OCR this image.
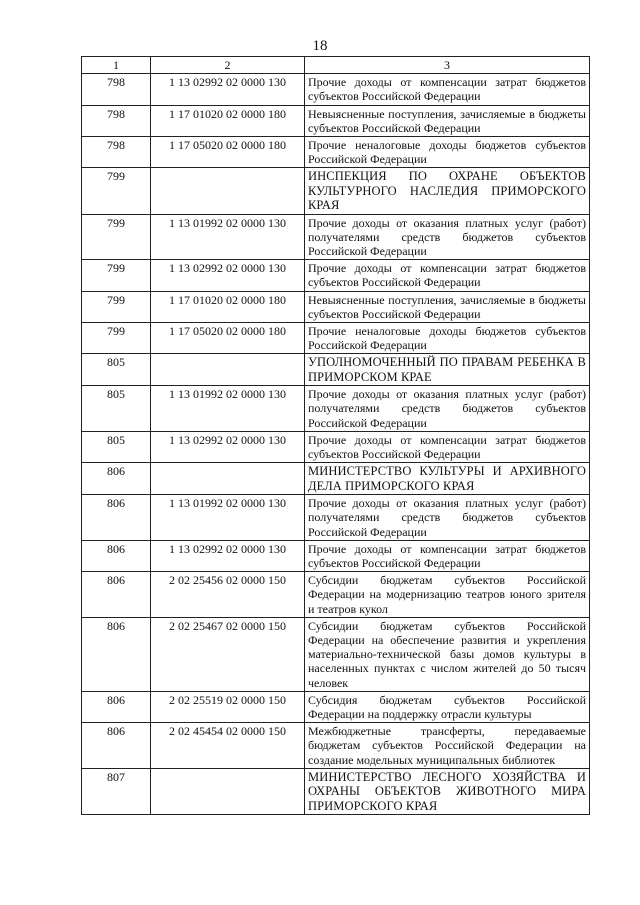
18
1	2	3
798	1 13 02992 02 0000 130	Прочие доходы от компенсации затрат бюджетов субъектов Российской Федерации
798	1 17 01020 02 0000 180	Невыясненные поступления, зачисляемые в бюджеты субъектов Российской Федерации
798	1 17 05020 02 0000 180	Прочие неналоговые доходы бюджетов субъектов Российской Федерации
799		ИНСПЕКЦИЯ ПО ОХРАНЕ ОБЪЕКТОВ КУЛЬТУРНОГО НАСЛЕДИЯ ПРИМОРСКОГО КРАЯ
799	1 13 01992 02 0000 130	Прочие доходы от оказания платных услуг (работ) получателями средств бюджетов субъектов Российской Федерации
799	1 13 02992 02 0000 130	Прочие доходы от компенсации затрат бюджетов субъектов Российской Федерации
799	1 17 01020 02 0000 180	Невыясненные поступления, зачисляемые в бюджеты субъектов Российской Федерации
799	1 17 05020 02 0000 180	Прочие неналоговые доходы бюджетов субъектов Российской Федерации
805		УПОЛНОМОЧЕННЫЙ ПО ПРАВАМ РЕБЕНКА В ПРИМОРСКОМ КРАЕ
805	1 13 01992 02 0000 130	Прочие доходы от оказания платных услуг (работ) получателями средств бюджетов субъектов Российской Федерации
805	1 13 02992 02 0000 130	Прочие доходы от компенсации затрат бюджетов субъектов Российской Федерации
806		МИНИСТЕРСТВО КУЛЬТУРЫ И АРХИВНОГО ДЕЛА ПРИМОРСКОГО КРАЯ
806	1 13 01992 02 0000 130	Прочие доходы от оказания платных услуг (работ) получателями средств бюджетов субъектов Российской Федерации
806	1 13 02992 02 0000 130	Прочие доходы от компенсации затрат бюджетов субъектов Российской Федерации
806	2 02 25456 02 0000 150	Субсидии бюджетам субъектов Российской Федерации на модернизацию театров юного зрителя и театров кукол
806	2 02 25467 02 0000 150	Субсидии бюджетам субъектов Российской Федерации на обеспечение развития и укрепления материально-технической базы домов культуры в населенных пунктах с числом жителей до 50 тысяч человек
806	2 02 25519 02 0000 150	Субсидия бюджетам субъектов Российской Федерации на поддержку отрасли культуры
806	2 02 45454 02 0000 150	Межбюджетные трансферты, передаваемые бюджетам субъектов Российской Федерации на создание модельных муниципальных библиотек
807		МИНИСТЕРСТВО ЛЕСНОГО ХОЗЯЙСТВА И ОХРАНЫ ОБЪЕКТОВ ЖИВОТНОГО МИРА ПРИМОРСКОГО КРАЯ
